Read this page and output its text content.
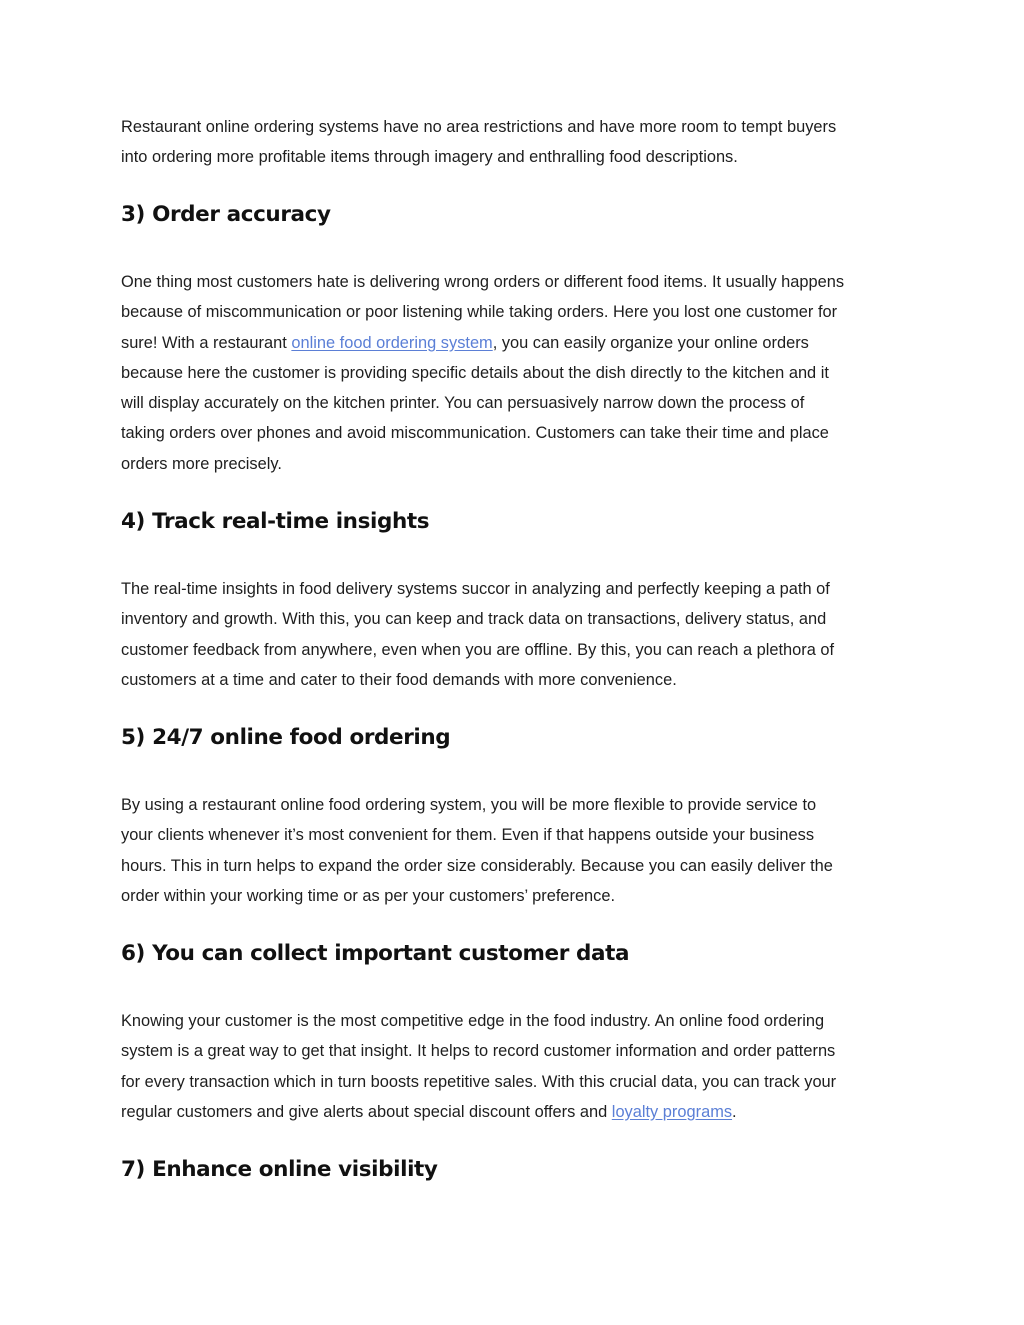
Restaurant online ordering systems have no area restrictions and have more room to tempt buyers
into ordering more profitable items through imagery and enthralling food descriptions.

3) Order accuracy

One thing most customers hate is delivering wrong orders or different food items. It usually happens
because of miscommunication or poor listening while taking orders. Here you lost one customer for
sure! With a restaurant online food ordering system, you can easily organize your online orders
because here the customer is providing specific details about the dish directly to the kitchen and it
will display accurately on the kitchen printer. You can persuasively narrow down the process of
taking orders over phones and avoid miscommunication. Customers can take their time and place
orders more precisely.

4) Track real-time insights

The real-time insights in food delivery systems succor in analyzing and perfectly keeping a path of
inventory and growth. With this, you can keep and track data on transactions, delivery status, and
customer feedback from anywhere, even when you are offline. By this, you can reach a plethora of
customers at a time and cater to their food demands with more convenience.

5) 24/7 online food ordering

By using a restaurant online food ordering system, you will be more flexible to provide service to
your clients whenever it’s most convenient for them. Even if that happens outside your business
hours. This in turn helps to expand the order size considerably. Because you can easily deliver the
order within your working time or as per your customers’ preference.

6) You can collect important customer data

Knowing your customer is the most competitive edge in the food industry. An online food ordering
system is a great way to get that insight. It helps to record customer information and order patterns
for every transaction which in turn boosts repetitive sales. With this crucial data, you can track your
regular customers and give alerts about special discount offers and loyalty programs.

7) Enhance online visibility
